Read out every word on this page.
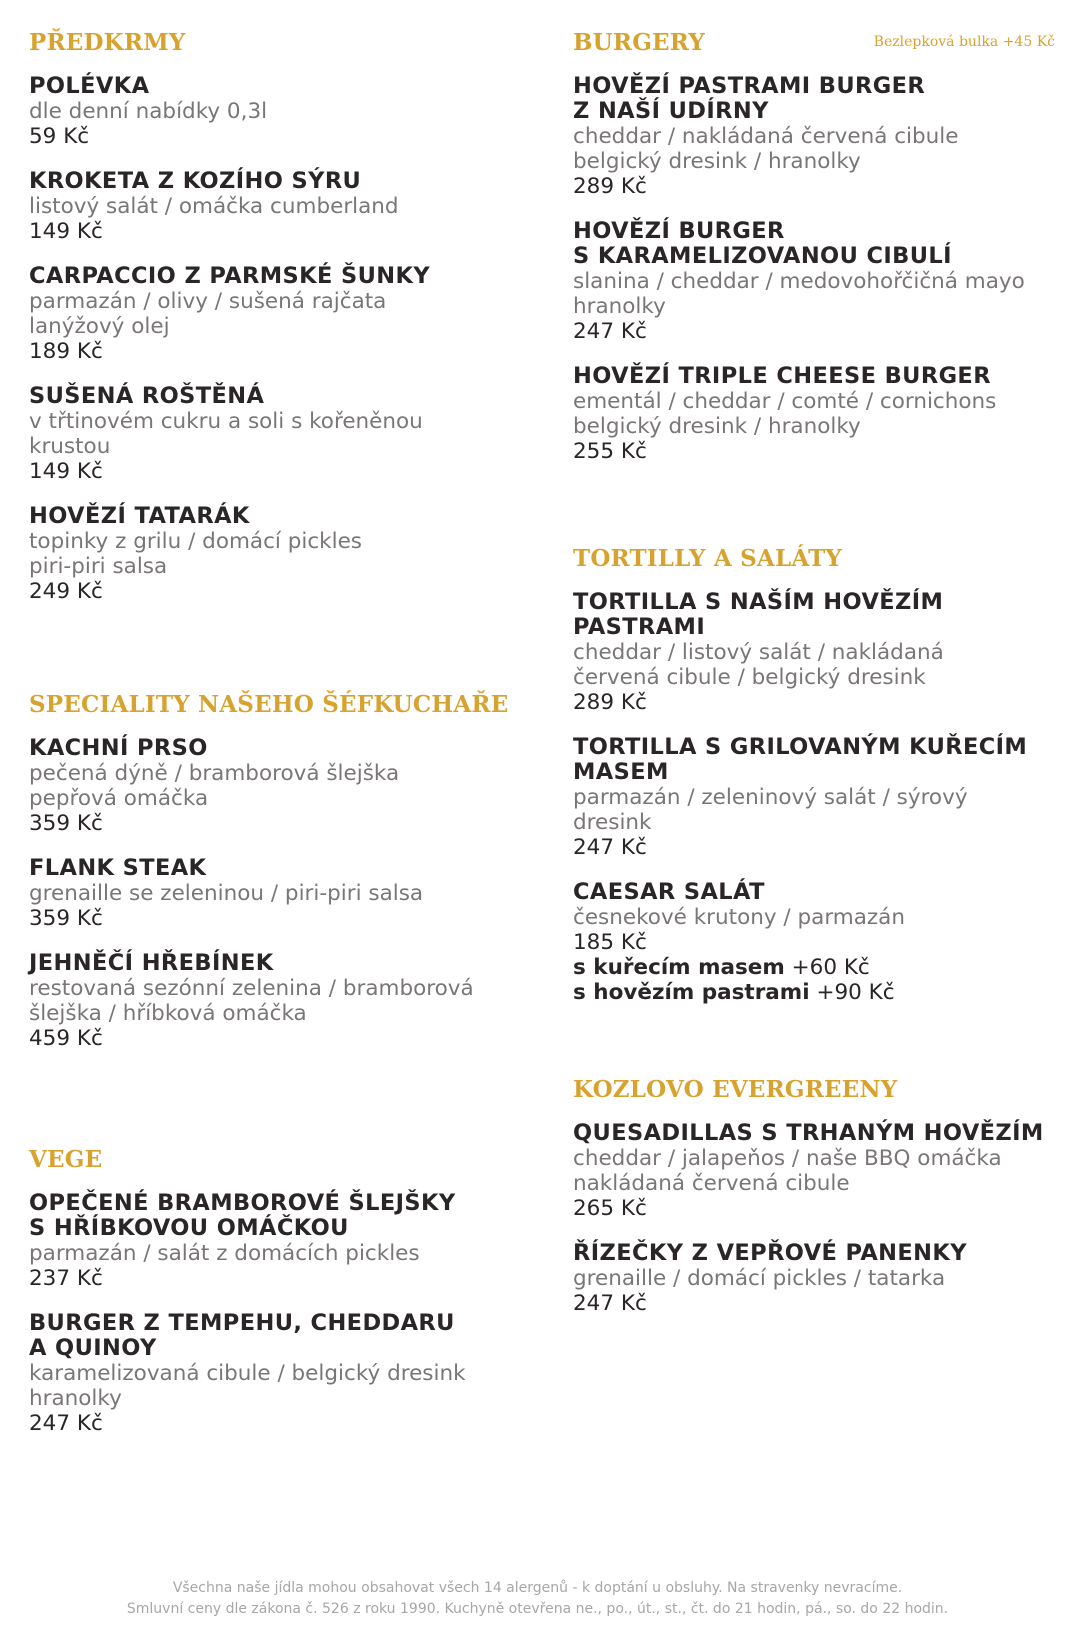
PŘEDKRMY
POLÉVKA
dle denní nabídky 0,3l
59 Kč
KROKETA Z KOZÍHO SÝRU
listový salát / omáčka cumberland
149 Kč
CARPACCIO Z PARMSKÉ ŠUNKY
parmazán / olivy / sušená rajčata
lanýžový olej
189 Kč
SUŠENÁ ROŠTĚNÁ
v třtinovém cukru a soli s kořeněnou
krustou
149 Kč
HOVĚZÍ TATARÁK
topinky z grilu / domácí pickles
piri-piri salsa
249 Kč
SPECIALITY NAŠEHO ŠÉFKUCHAŘE
KACHNÍ PRSO
pečená dýně / bramborová šlejška
pepřová omáčka
359 Kč
FLANK STEAK
grenaille se zeleninou / piri-piri salsa
359 Kč
JEHNĚČÍ HŘEBÍNEK
restovaná sezónní zelenina / bramborová
šlejška / hříbková omáčka
459 Kč
VEGE
OPEČENÉ BRAMBOROVÉ ŠLEJŠKY
S HŘÍBKOVOU OMÁČKOU
parmazán / salát z domácích pickles
237 Kč
BURGER Z TEMPEHU, CHEDDARU
A QUINOY
karamelizovaná cibule / belgický dresink
hranolky
247 Kč
BURGERY	Bezlepková bulka +45 Kč
HOVĚZÍ PASTRAMI BURGER
Z NAŠÍ UDÍRNY
cheddar / nakládaná červená cibule
belgický dresink / hranolky
289 Kč
HOVĚZÍ BURGER
S KARAMELIZOVANOU CIBULÍ
slanina / cheddar / medovohořčičná mayo
hranolky
247 Kč
HOVĚZÍ TRIPLE CHEESE BURGER
ementál / cheddar / comté / cornichons
belgický dresink / hranolky
255 Kč
TORTILLY A SALÁTY
TORTILLA S NAŠÍM HOVĚZÍM
PASTRAMI
cheddar / listový salát / nakládaná
červená cibule / belgický dresink
289 Kč
TORTILLA S GRILOVANÝM KUŘECÍM
MASEM
parmazán / zeleninový salát / sýrový
dresink
247 Kč
CAESAR SALÁT
česnekové krutony / parmazán
185 Kč
s kuřecím masem +60 Kč
s hovězím pastrami +90 Kč
KOZLOVO EVERGREENY
QUESADILLAS S TRHANÝM HOVĚZÍM
cheddar / jalapeňos / naše BBQ omáčka
nakládaná červená cibule
265 Kč
ŘÍZEČKY Z VEPŘOVÉ PANENKY
grenaille / domácí pickles / tatarka
247 Kč
Všechna naše jídla mohou obsahovat všech 14 alergenů - k doptání u obsluhy. Na stravenky nevracíme.
Smluvní ceny dle zákona č. 526 z roku 1990. Kuchyně otevřena ne., po., út., st., čt. do 21 hodin, pá., so. do 22 hodin.
